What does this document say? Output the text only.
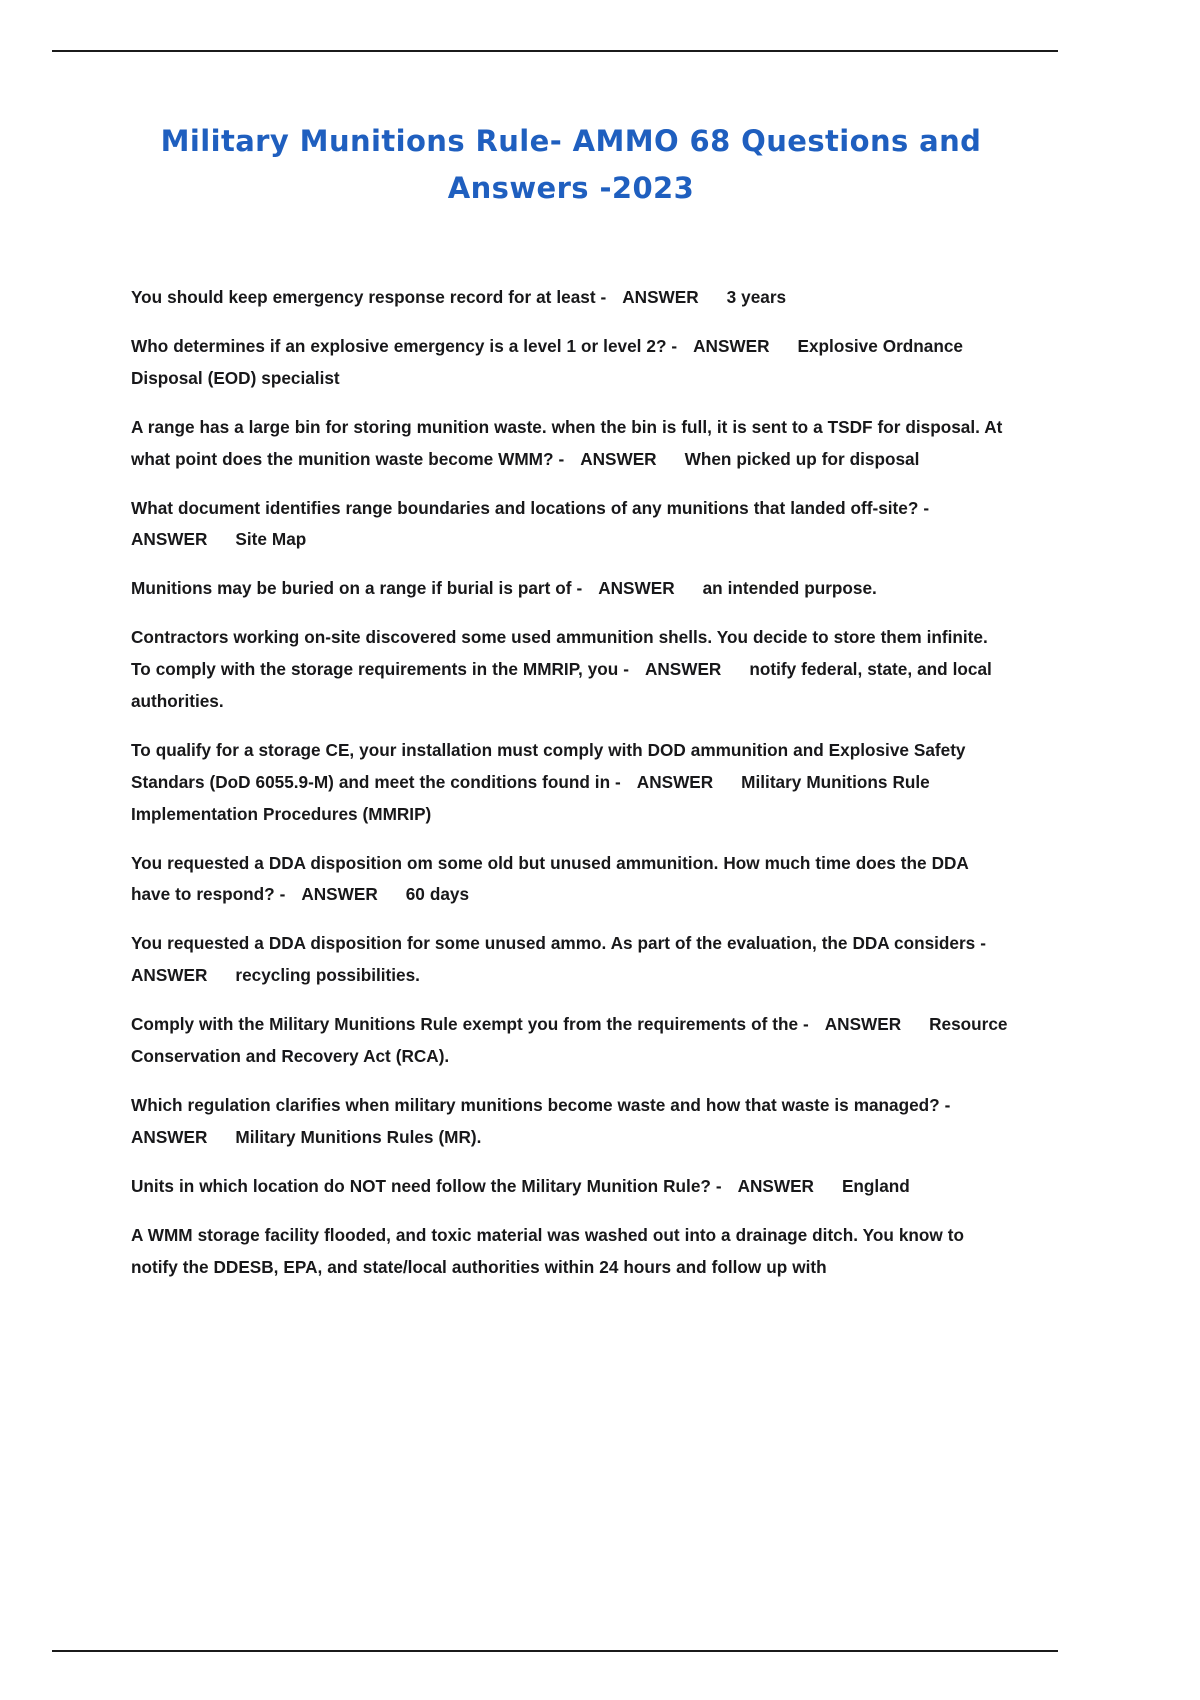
Military Munitions Rule- AMMO 68 Questions and Answers -2023

You should keep emergency response record for at least - ANSWER 3 years

Who determines if an explosive emergency is a level 1 or level 2? - ANSWER Explosive Ordnance Disposal (EOD) specialist

A range has a large bin for storing munition waste. when the bin is full, it is sent to a TSDF for disposal. At what point does the munition waste become WMM? - ANSWER When picked up for disposal

What document identifies range boundaries and locations of any munitions that landed off-site? -ANSWER Site Map

Munitions may be buried on a range if burial is part of - ANSWER an intended purpose.

Contractors working on-site discovered some used ammunition shells. You decide to store them infinite. To comply with the storage requirements in the MMRIP, you - ANSWER notify federal, state, and local authorities.

To qualify for a storage CE, your installation must comply with DOD ammunition and Explosive Safety Standars (DoD 6055.9-M) and meet the conditions found in - ANSWER Military Munitions Rule Implementation Procedures (MMRIP)

You requested a DDA disposition om some old but unused ammunition. How much time does the DDA have to respond? - ANSWER 60 days

You requested a DDA disposition for some unused ammo. As part of the evaluation, the DDA considers -ANSWER recycling possibilities.

Comply with the Military Munitions Rule exempt you from the requirements of the - ANSWER Resource Conservation and Recovery Act (RCA).

Which regulation clarifies when military munitions become waste and how that waste is managed? -ANSWER Military Munitions Rules (MR).

Units in which location do NOT need follow the Military Munition Rule? - ANSWER England

A WMM storage facility flooded, and toxic material was washed out into a drainage ditch. You know to notify the DDESB, EPA, and state/local authorities within 24 hours and follow up with
